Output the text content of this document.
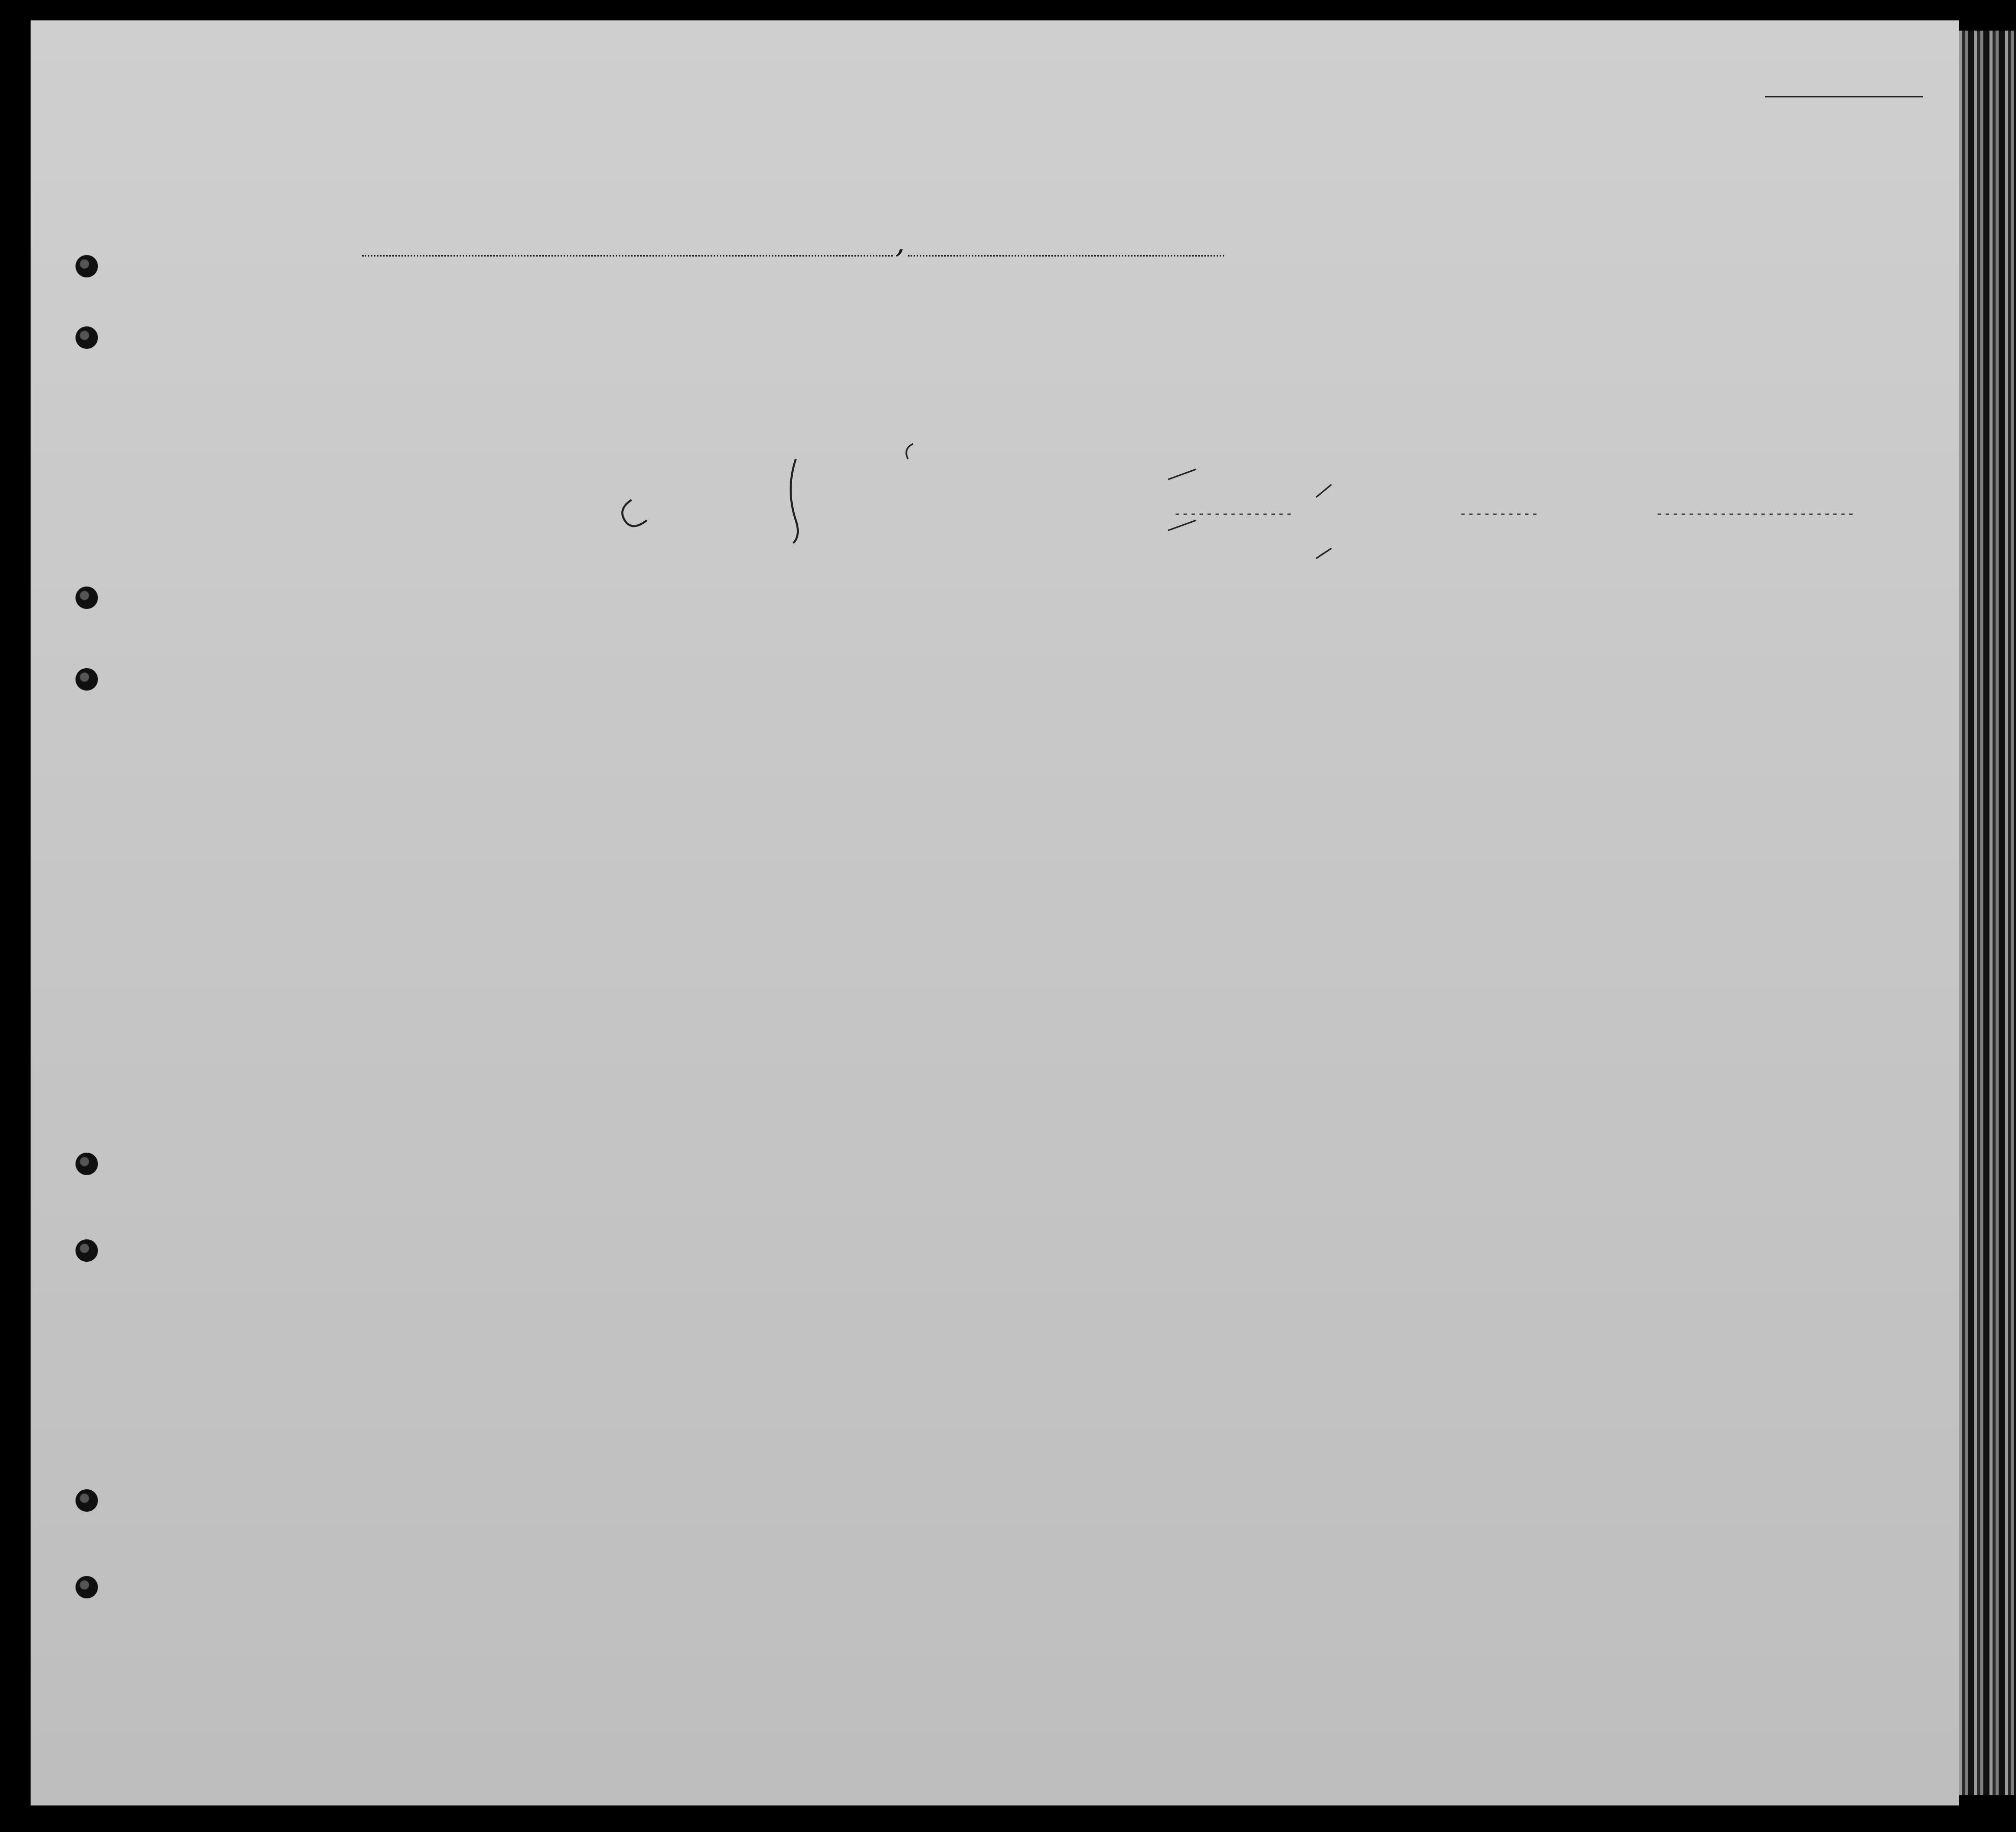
,
---------------	----------	-------------------------
